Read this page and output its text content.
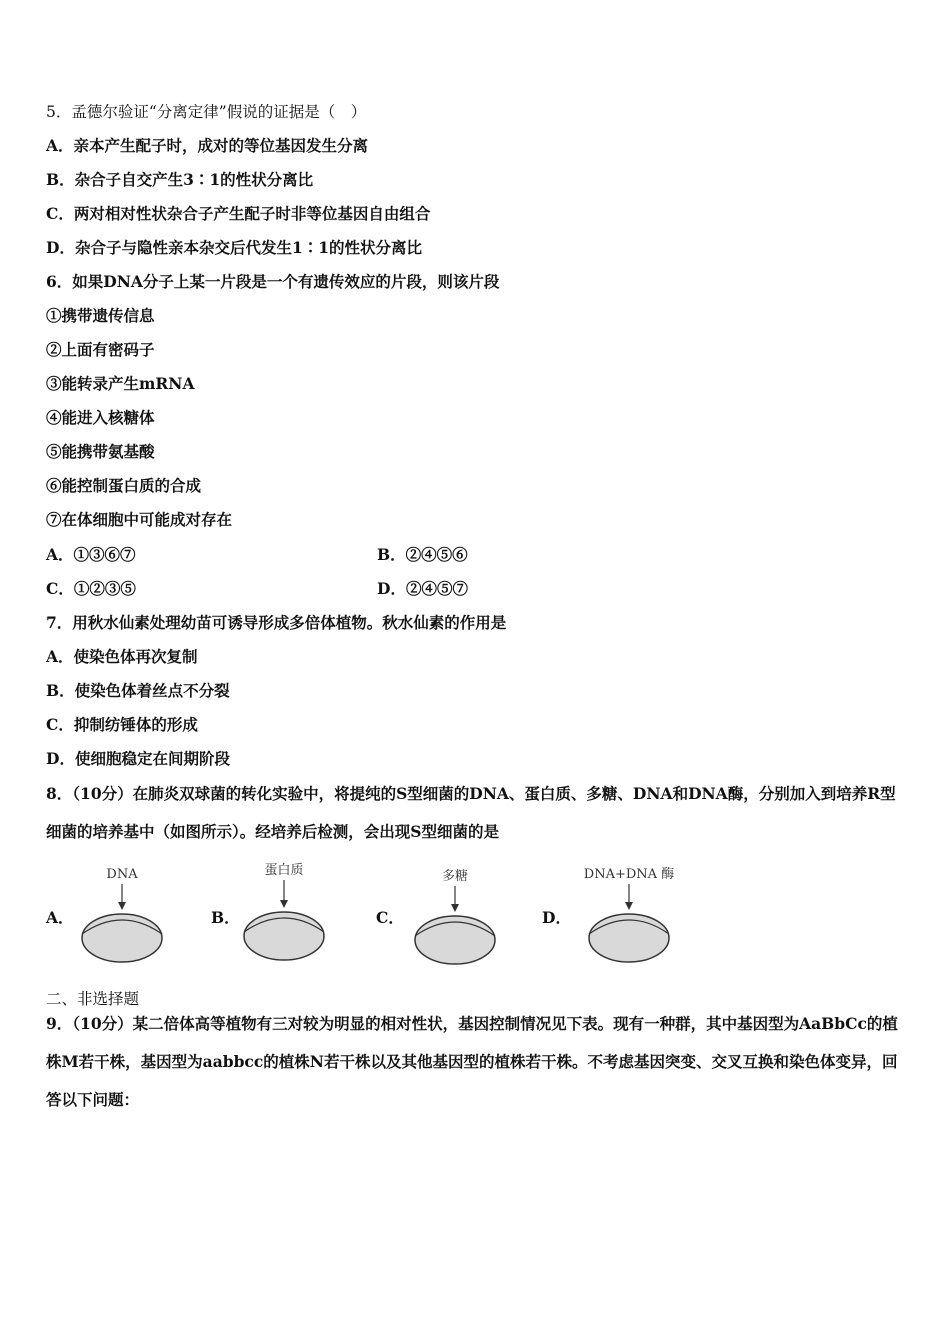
5．孟德尔验证“分离定律”假说的证据是（　）
A．亲本产生配子时，成对的等位基因发生分离
B．杂合子自交产生3∶1的性状分离比
C．两对相对性状杂合子产生配子时非等位基因自由组合
D．杂合子与隐性亲本杂交后代发生1∶1的性状分离比
6．如果DNA分子上某一片段是一个有遗传效应的片段，则该片段
①携带遗传信息
②上面有密码子
③能转录产生mRNA
④能进入核糖体
⑤能携带氨基酸
⑥能控制蛋白质的合成
⑦在体细胞中可能成对存在
A．①③⑥⑦	B．②④⑤⑥
C．①②③⑤	D．②④⑤⑦
7．用秋水仙素处理幼苗可诱导形成多倍体植物。秋水仙素的作用是
A．使染色体再次复制
B．使染色体着丝点不分裂
C．抑制纺锤体的形成
D．使细胞稳定在间期阶段
8．（10分）在肺炎双球菌的转化实验中，将提纯的S型细菌的DNA、蛋白质、多糖、DNA和DNA酶，分别加入到培养R型细菌的培养基中（如图所示）。经培养后检测，会出现S型细菌的是
A．
DNA
B．
蛋白质
C．
多糖
D．
DNA+DNA 酶
二、非选择题
9．（10分）某二倍体高等植物有三对较为明显的相对性状，基因控制情况见下表。现有一种群，其中基因型为AaBbCc的植株M若干株，基因型为aabbcc的植株N若干株以及其他基因型的植株若干株。不考虑基因突变、交叉互换和染色体变异，回答以下问题：
